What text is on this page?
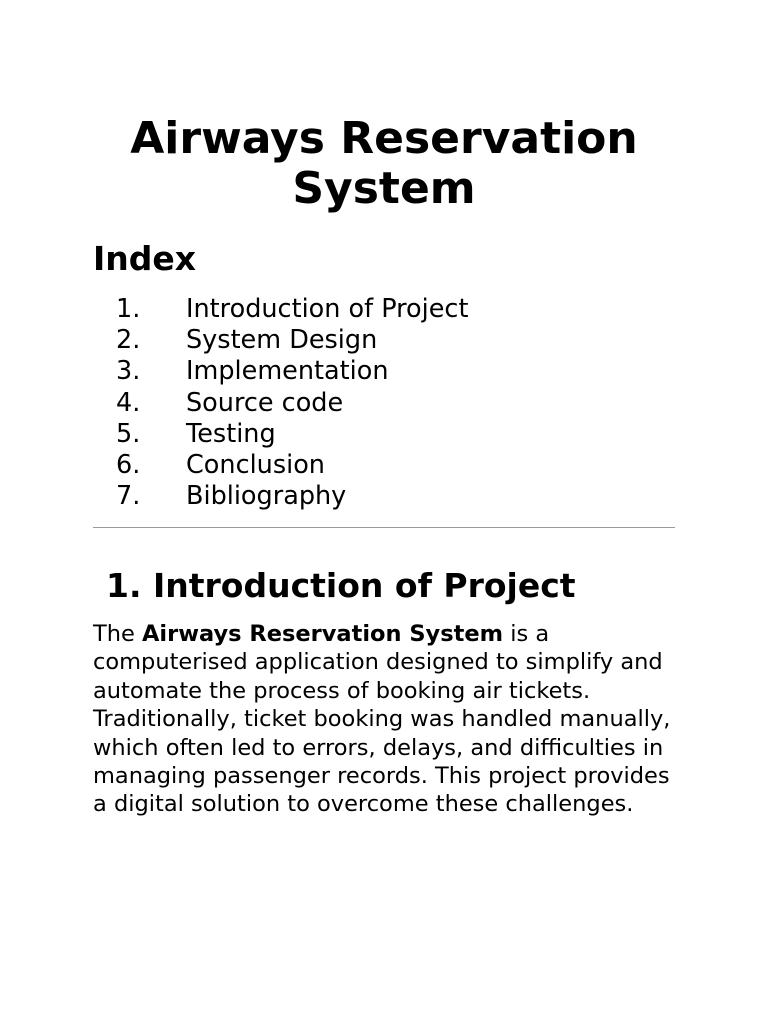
Airways Reservation
System
Index
1. Introduction of Project
2. System Design
3. Implementation
4. Source code
5. Testing
6. Conclusion
7. Bibliography
1. Introduction of Project

The Airways Reservation System is a computerised application designed to simplify and automate the process of booking air tickets. Traditionally, ticket booking was handled manually, which often led to errors, delays, and difficulties in managing passenger records. This project provides a digital solution to overcome these challenges.
